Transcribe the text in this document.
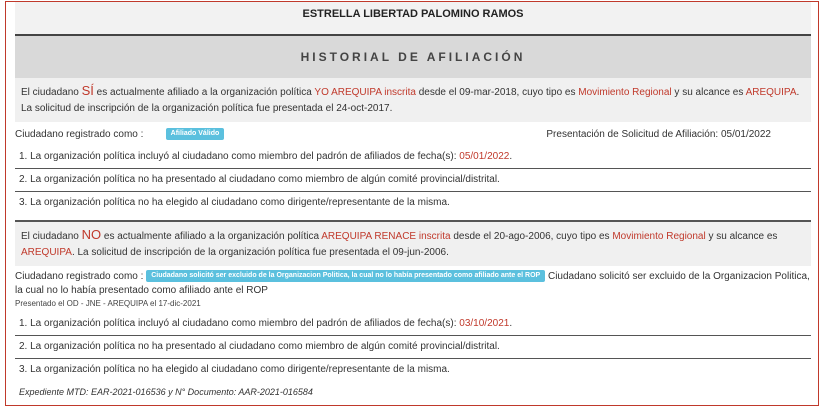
ESTRELLA LIBERTAD PALOMINO RAMOS
HISTORIAL DE AFILIACIÓN
El ciudadano SÍ es actualmente afiliado a la organización política YO AREQUIPA inscrita desde el 09-mar-2018, cuyo tipo es Movimiento Regional y su alcance es AREQUIPA. La solicitud de inscripción de la organización política fue presentada el 24-oct-2017.
Ciudadano registrado como :	Afiliado Válido	Presentación de Solicitud de Afiliación: 05/01/2022
1. La organización política incluyó al ciudadano como miembro del padrón de afiliados de fecha(s): 05/01/2022.
2. La organización política no ha presentado al ciudadano como miembro de algún comité provincial/distrital.
3. La organización política no ha elegido al ciudadano como dirigente/representante de la misma.
El ciudadano NO es actualmente afiliado a la organización política AREQUIPA RENACE inscrita desde el 20-ago-2006, cuyo tipo es Movimiento Regional y su alcance es AREQUIPA. La solicitud de inscripción de la organización política fue presentada el 09-jun-2006.
Ciudadano registrado como : Ciudadano solicitó ser excluido de la Organizacion Politica, la cual no lo había presentado como afiliado ante el ROP Ciudadano solicitó ser excluido de la Organizacion Politica, la cual no lo había presentado como afiliado ante el ROP
Presentado el OD - JNE - AREQUIPA el 17-dic-2021
1. La organización política incluyó al ciudadano como miembro del padrón de afiliados de fecha(s): 03/10/2021.
2. La organización política no ha presentado al ciudadano como miembro de algún comité provincial/distrital.
3. La organización política no ha elegido al ciudadano como dirigente/representante de la misma.
Expediente MTD: EAR-2021-016536 y N° Documento: AAR-2021-016584
